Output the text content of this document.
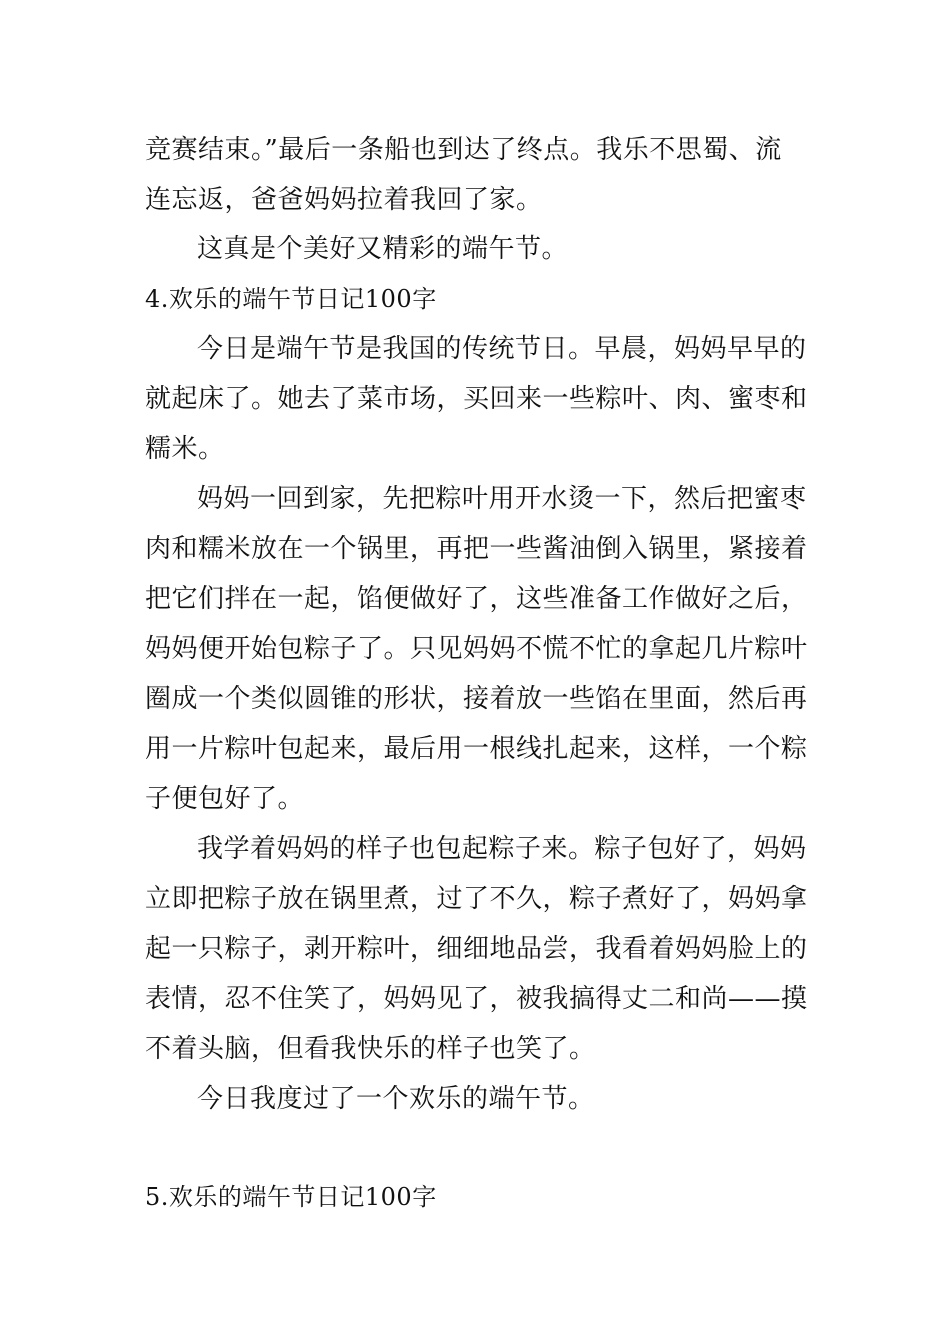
竞赛结束。”最后一条船也到达了终点。我乐不思蜀、流
连忘返，爸爸妈妈拉着我回了家。
这真是个美好又精彩的端午节。
4.欢乐的端午节日记100字
今日是端午节是我国的传统节日。早晨，妈妈早早的
就起床了。她去了菜市场，买回来一些粽叶、肉、蜜枣和
糯米。
妈妈一回到家，先把粽叶用开水烫一下，然后把蜜枣
肉和糯米放在一个锅里，再把一些酱油倒入锅里，紧接着
把它们拌在一起，馅便做好了，这些准备工作做好之后，
妈妈便开始包粽子了。只见妈妈不慌不忙的拿起几片粽叶
圈成一个类似圆锥的形状，接着放一些馅在里面，然后再
用一片粽叶包起来，最后用一根线扎起来，这样，一个粽
子便包好了。
我学着妈妈的样子也包起粽子来。粽子包好了，妈妈
立即把粽子放在锅里煮，过了不久，粽子煮好了，妈妈拿
起一只粽子，剥开粽叶，细细地品尝，我看着妈妈脸上的
表情，忍不住笑了，妈妈见了，被我搞得丈二和尚——摸
不着头脑，但看我快乐的样子也笑了。
今日我度过了一个欢乐的端午节。
5.欢乐的端午节日记100字
